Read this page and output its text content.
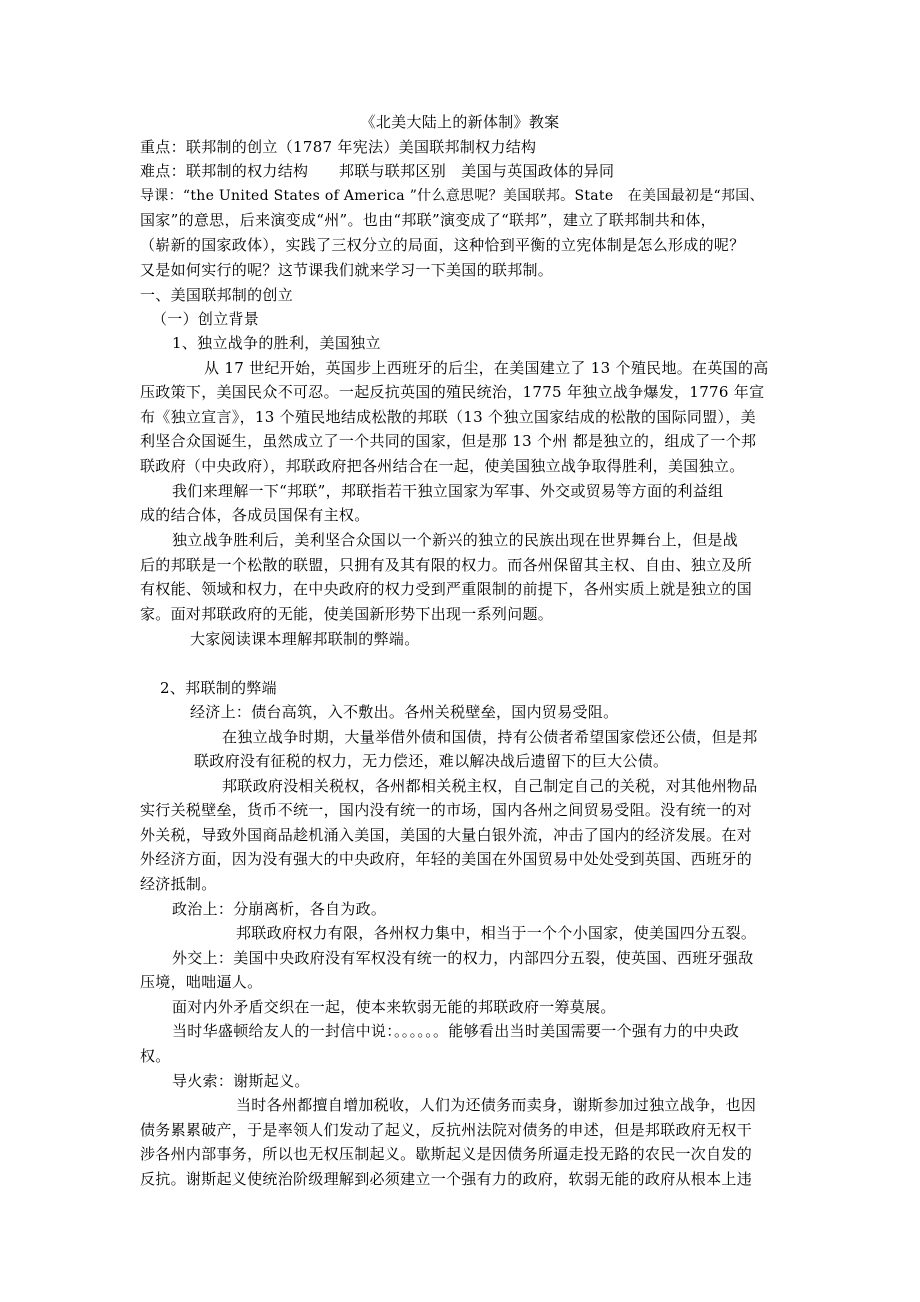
《北美大陆上的新体制》教案
重点：联邦制的创立（1787 年宪法）美国联邦制权力结构
难点：联邦制的权力结构　　邦联与联邦区别　美国与英国政体的异同
导课：“the United States of America ”什么意思呢？美国联邦。State　在美国最初是“邦国、
国家”的意思，后来演变成“州”。也由“邦联”演变成了“联邦”，建立了联邦制共和体，
（崭新的国家政体），实践了三权分立的局面，这种恰到平衡的立宪体制是怎么形成的呢？
又是如何实行的呢？这节课我们就来学习一下美国的联邦制。
一、美国联邦制的创立
（一）创立背景
1、独立战争的胜利，美国独立
从 17 世纪开始，英国步上西班牙的后尘，在美国建立了 13 个殖民地。在英国的高
压政策下，美国民众不可忍。一起反抗英国的殖民统治，1775 年独立战争爆发，1776 年宣
布《独立宣言》，13 个殖民地结成松散的邦联（13 个独立国家结成的松散的国际同盟），美
利坚合众国诞生，虽然成立了一个共同的国家，但是那 13 个州 都是独立的，组成了一个邦
联政府（中央政府），邦联政府把各州结合在一起，使美国独立战争取得胜利，美国独立。
我们来理解一下“邦联”，邦联指若干独立国家为军事、外交或贸易等方面的利益组
成的结合体，各成员国保有主权。
独立战争胜利后，美利坚合众国以一个新兴的独立的民族出现在世界舞台上，但是战
后的邦联是一个松散的联盟，只拥有及其有限的权力。而各州保留其主权、自由、独立及所
有权能、领域和权力，在中央政府的权力受到严重限制的前提下，各州实质上就是独立的国
家。面对邦联政府的无能，使美国新形势下出现一系列问题。
大家阅读课本理解邦联制的弊端。
2、邦联制的弊端
经济上：债台高筑，入不敷出。各州关税壁垒，国内贸易受阻。
在独立战争时期，大量举借外债和国债，持有公债者希望国家偿还公债，但是邦
联政府没有征税的权力，无力偿还，难以解决战后遗留下的巨大公债。
邦联政府没相关税权，各州都相关税主权，自己制定自己的关税，对其他州物品
实行关税壁垒，货币不统一，国内没有统一的市场，国内各州之间贸易受阻。没有统一的对
外关税，导致外国商品趁机涌入美国，美国的大量白银外流，冲击了国内的经济发展。在对
外经济方面，因为没有强大的中央政府，年轻的美国在外国贸易中处处受到英国、西班牙的
经济抵制。
政治上：分崩离析，各自为政。
邦联政府权力有限，各州权力集中，相当于一个个小国家，使美国四分五裂。
外交上：美国中央政府没有军权没有统一的权力，内部四分五裂，使英国、西班牙强敌
压境，咄咄逼人。
面对内外矛盾交织在一起，使本来软弱无能的邦联政府一筹莫展。
当时华盛顿给友人的一封信中说：。。。。。。能够看出当时美国需要一个强有力的中央政
权。
导火索：谢斯起义。
当时各州都擅自增加税收，人们为还债务而卖身，谢斯参加过独立战争，也因
债务累累破产，于是率领人们发动了起义，反抗州法院对债务的申述，但是邦联政府无权干
涉各州内部事务，所以也无权压制起义。歇斯起义是因债务所逼走投无路的农民一次自发的
反抗。谢斯起义使统治阶级理解到必须建立一个强有力的政府，软弱无能的政府从根本上违
